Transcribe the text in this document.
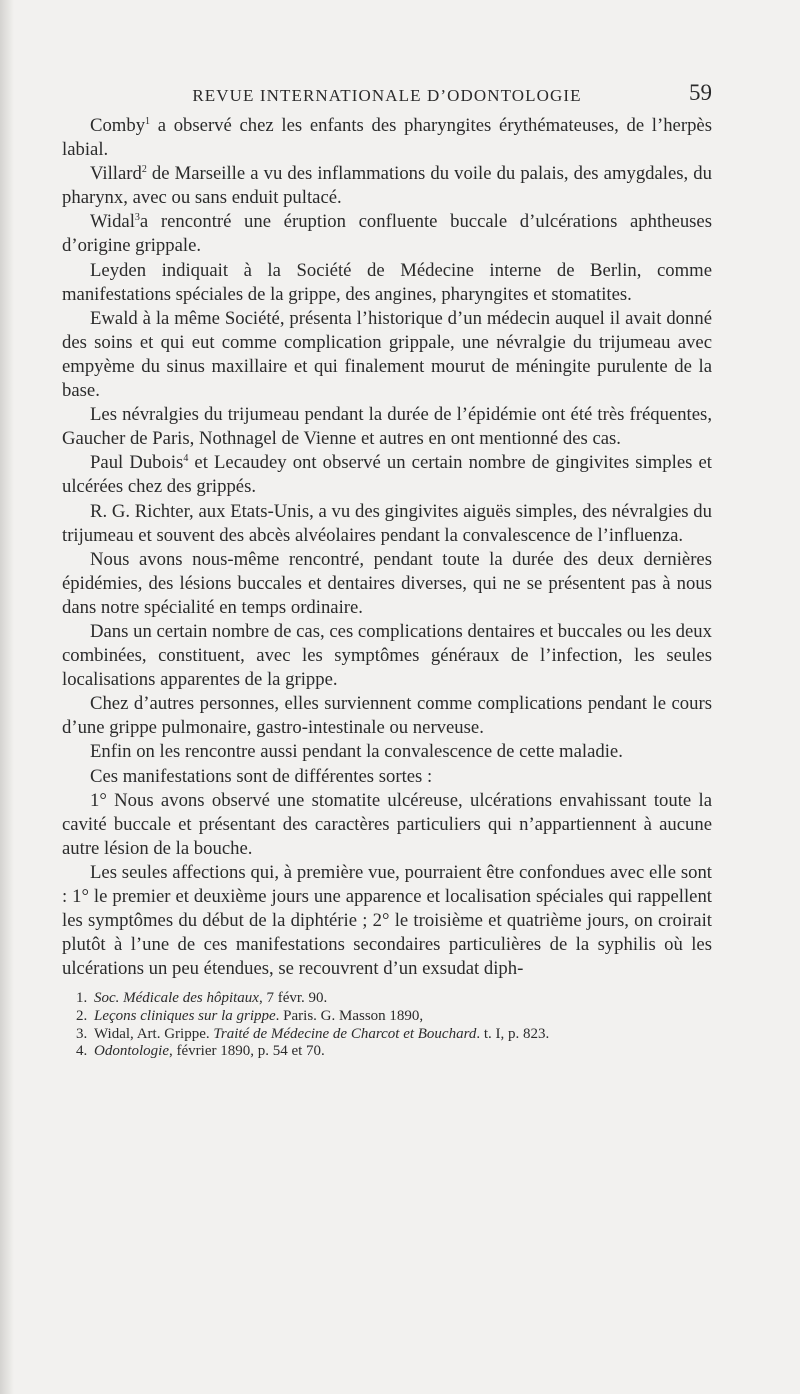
REVUE INTERNATIONALE D’ODONTOLOGIE	59

Comby$^1$ a observé chez les enfants des pharyngites érythémateuses, de l’herpès labial.

Villard$^2$ de Marseille a vu des inflammations du voile du palais, des amygdales, du pharynx, avec ou sans enduit pultacé.

Widal$^3$a rencontré une éruption confluente buccale d’ulcérations aphtheuses d’origine grippale.

Leyden indiquait à la Société de Médecine interne de Berlin, comme manifestations spéciales de la grippe, des angines, pharyngites et stomatites.

Ewald à la même Société, présenta l’historique d’un médecin auquel il avait donné des soins et qui eut comme complication grippale, une névralgie du trijumeau avec empyème du sinus maxillaire et qui finalement mourut de méningite purulente de la base.

Les névralgies du trijumeau pendant la durée de l’épidémie ont été très fréquentes, Gaucher de Paris, Nothnagel de Vienne et autres en ont mentionné des cas.

Paul Dubois$^4$ et Lecaudey ont observé un certain nombre de gingivites simples et ulcérées chez des grippés.

R. G. Richter, aux Etats-Unis, a vu des gingivites aiguës simples, des névralgies du trijumeau et souvent des abcès alvéolaires pendant la convalescence de l’influenza.

Nous avons nous-même rencontré, pendant toute la durée des deux dernières épidémies, des lésions buccales et dentaires diverses, qui ne se présentent pas à nous dans notre spécialité en temps ordinaire.

Dans un certain nombre de cas, ces complications dentaires et buccales ou les deux combinées, constituent, avec les symptômes généraux de l’infection, les seules localisations apparentes de la grippe.

Chez d’autres personnes, elles surviennent comme complications pendant le cours d’une grippe pulmonaire, gastro-intestinale ou nerveuse.

Enfin on les rencontre aussi pendant la convalescence de cette maladie.

Ces manifestations sont de différentes sortes :

1° Nous avons observé une stomatite ulcéreuse, ulcérations envahissant toute la cavité buccale et présentant des caractères particuliers qui n’appartiennent à aucune autre lésion de la bouche.

Les seules affections qui, à première vue, pourraient être confondues avec elle sont : 1° le premier et deuxième jours une apparence et localisation spéciales qui rappellent les symptômes du début de la diphtérie ; 2° le troisième et quatrième jours, on croirait plutôt à l’une de ces manifestations secondaires particulières de la syphilis où les ulcérations un peu étendues, se recouvrent d’un exsudat diph-

1. Soc. Médicale des hôpitaux, 7 févr. 90.
2. Leçons cliniques sur la grippe. Paris. G. Masson 1890,
3. Widal, Art. Grippe. Traité de Médecine de Charcot et Bouchard. t. I, p. 823.
4. Odontologie, février 1890, p. 54 et 70.
